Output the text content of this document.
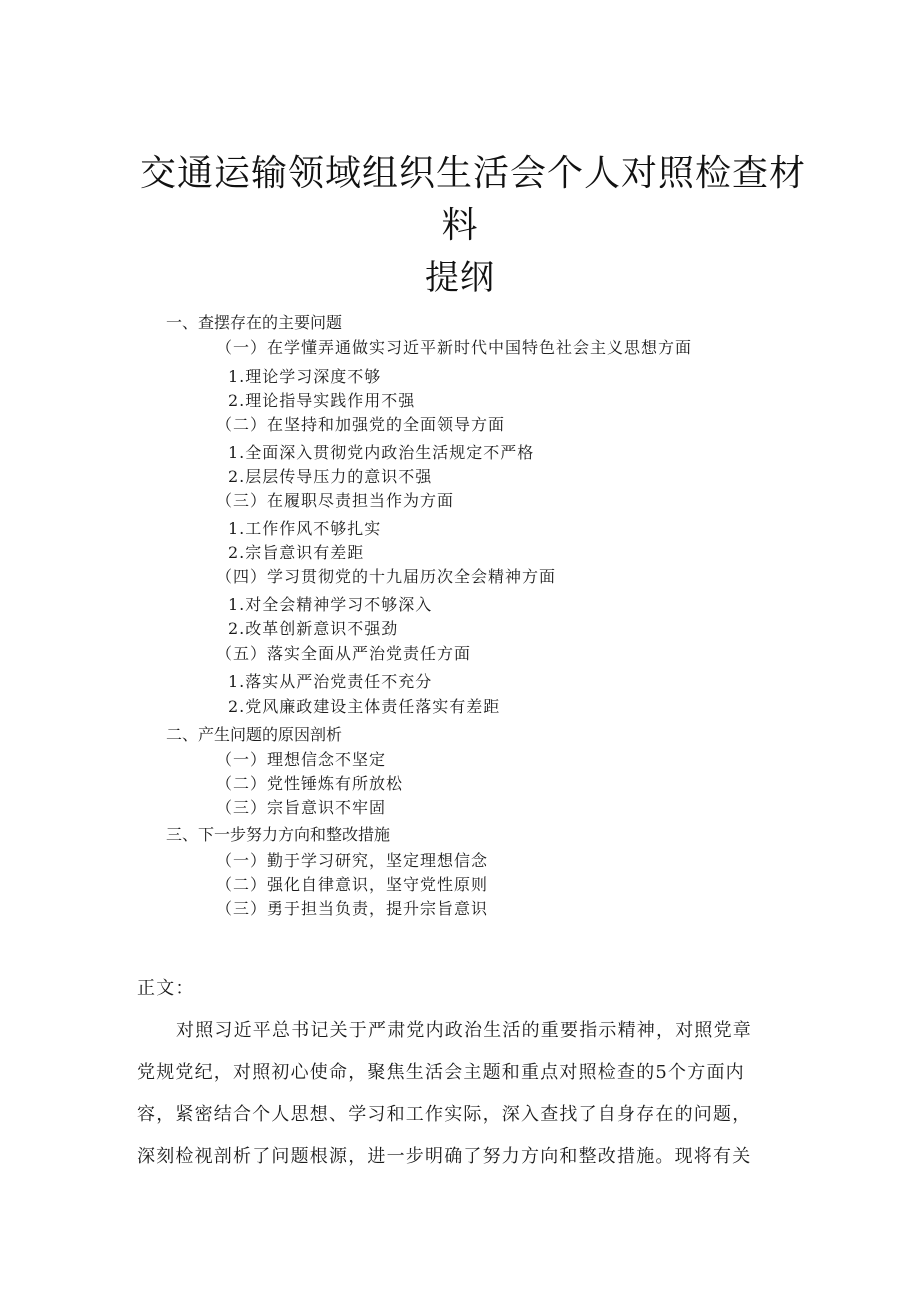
交通运输领域组织生活会个人对照检查材
料
提纲
一、查摆存在的主要问题
（一）在学懂弄通做实习近平新时代中国特色社会主义思想方面
1.理论学习深度不够
2.理论指导实践作用不强
（二）在坚持和加强党的全面领导方面
1.全面深入贯彻党内政治生活规定不严格
2.层层传导压力的意识不强
（三）在履职尽责担当作为方面
1.工作作风不够扎实
2.宗旨意识有差距
（四）学习贯彻党的十九届历次全会精神方面
1.对全会精神学习不够深入
2.改革创新意识不强劲
（五）落实全面从严治党责任方面
1.落实从严治党责任不充分
2.党风廉政建设主体责任落实有差距
二、产生问题的原因剖析
（一）理想信念不坚定
（二）党性锤炼有所放松
（三）宗旨意识不牢固
三、下一步努力方向和整改措施
（一）勤于学习研究，坚定理想信念
（二）强化自律意识，坚守党性原则
（三）勇于担当负责，提升宗旨意识
正文：
对照习近平总书记关于严肃党内政治生活的重要指示精神，对照党章
党规党纪，对照初心使命，聚焦生活会主题和重点对照检查的5个方面内
容，紧密结合个人思想、学习和工作实际，深入查找了自身存在的问题，
深刻检视剖析了问题根源，进一步明确了努力方向和整改措施。现将有关
